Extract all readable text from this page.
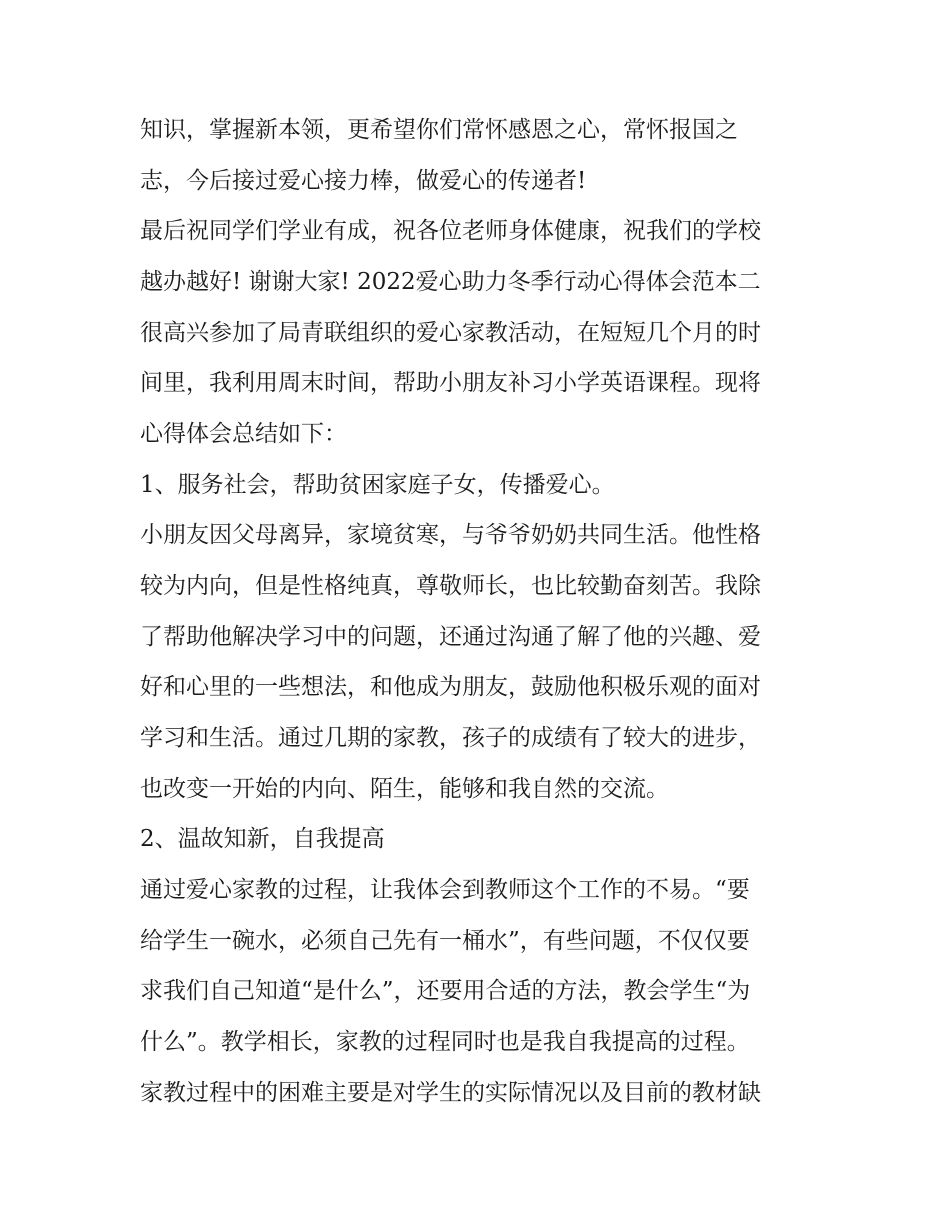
知识，掌握新本领，更希望你们常怀感恩之心，常怀报国之
志，今后接过爱心接力棒，做爱心的传递者!
最后祝同学们学业有成，祝各位老师身体健康，祝我们的学校
越办越好! 谢谢大家! 2022爱心助力冬季行动心得体会范本二
很高兴参加了局青联组织的爱心家教活动，在短短几个月的时
间里，我利用周末时间，帮助小朋友补习小学英语课程。现将
心得体会总结如下：
1、服务社会，帮助贫困家庭子女，传播爱心。
小朋友因父母离异，家境贫寒，与爷爷奶奶共同生活。他性格
较为内向，但是性格纯真，尊敬师长，也比较勤奋刻苦。我除
了帮助他解决学习中的问题，还通过沟通了解了他的兴趣、爱
好和心里的一些想法，和他成为朋友，鼓励他积极乐观的面对
学习和生活。通过几期的家教，孩子的成绩有了较大的进步，
也改变一开始的内向、陌生，能够和我自然的交流。
2、温故知新，自我提高
通过爱心家教的过程，让我体会到教师这个工作的不易。“要
给学生一碗水，必须自己先有一桶水”，有些问题，不仅仅要
求我们自己知道“是什么”，还要用合适的方法，教会学生“为
什么”。教学相长，家教的过程同时也是我自我提高的过程。
家教过程中的困难主要是对学生的实际情况以及目前的教材缺
